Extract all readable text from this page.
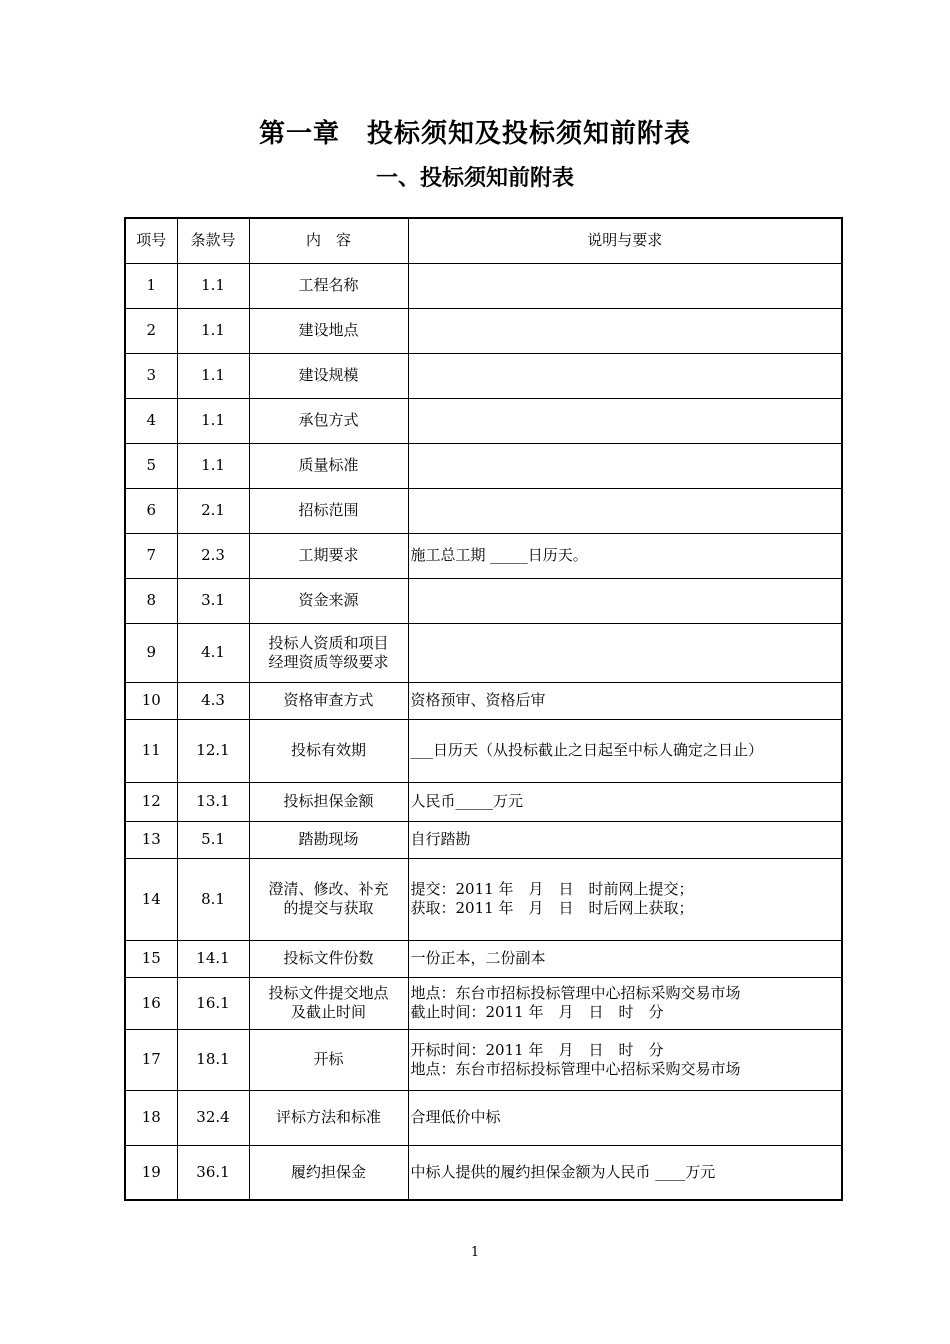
第一章　投标须知及投标须知前附表
一、投标须知前附表
项号	条款号	内　容	说明与要求
1	1.1	工程名称	

2	1.1	建设地点	

3	1.1	建设规模	

4	1.1	承包方式	

5	1.1	质量标准	

6	2.1	招标范围	

7	2.3	工期要求	施工总工期 _____日历天。

8	3.1	资金来源	

9	4.1	投标人资质和项目
经理资质等级要求	

10	4.3	资格审查方式	资格预审、资格后审

11	12.1	投标有效期	___日历天（从投标截止之日起至中标人确定之日止）

12	13.1	投标担保金额	人民币_____万元

13	5.1	踏勘现场	自行踏勘

14	8.1	澄清、修改、补充
的提交与获取	提交：2011 年　月　日　时前网上提交；
获取：2011 年　月　日　时后网上获取；

15	14.1	投标文件份数	一份正本，二份副本

16	16.1	投标文件提交地点
及截止时间	地点：东台市招标投标管理中心招标采购交易市场
截止时间：2011 年　月　日　时　分

17	18.1	开标	开标时间：2011 年　月　日　时　分
地点：东台市招标投标管理中心招标采购交易市场

18	32.4	评标方法和标准	合理低价中标

19	36.1	履约担保金	中标人提供的履约担保金额为人民币 ____万元
1
